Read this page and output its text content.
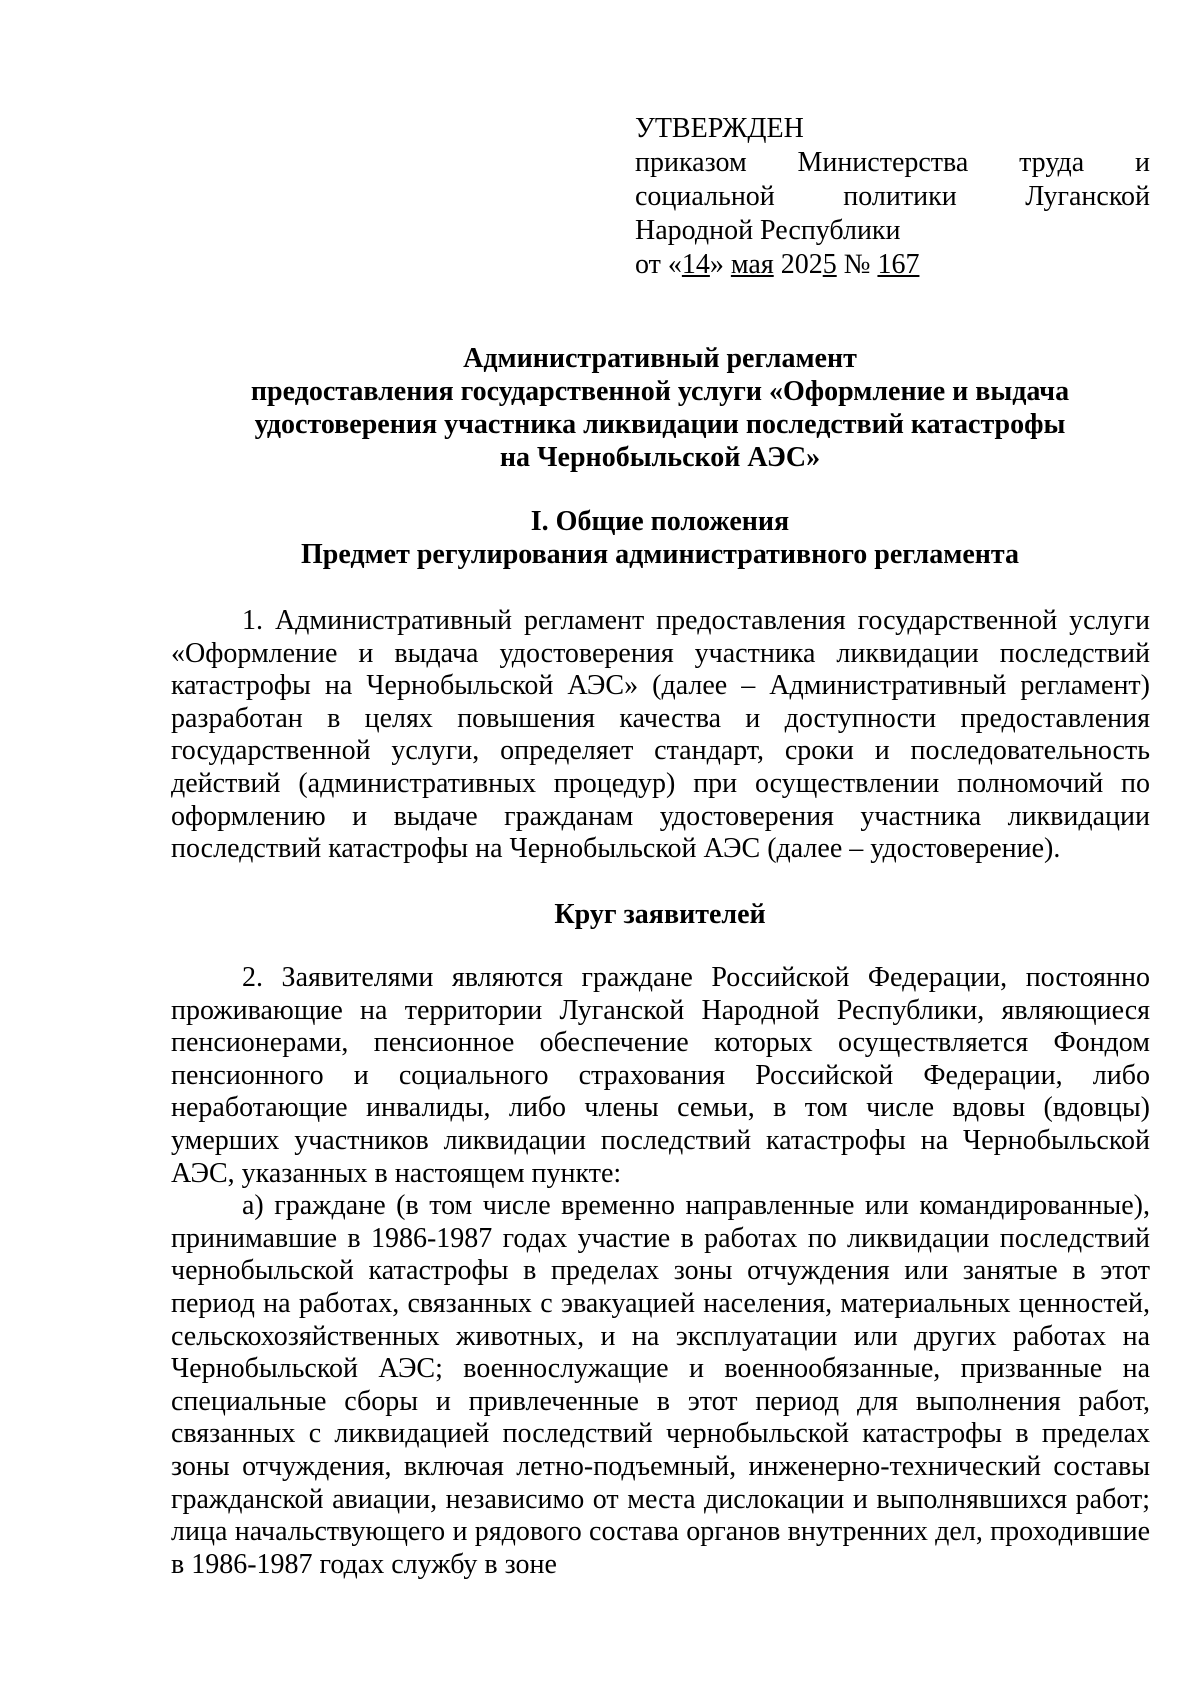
УТВЕРЖДЕН
приказом Министерства труда и
социальной политики Луганской
Народной Республики
от «14» мая 2025 № 167
Административный регламент
предоставления государственной услуги «Оформление и выдача
удостоверения участника ликвидации последствий катастрофы
на Чернобыльской АЭС»
I. Общие положения
Предмет регулирования административного регламента

1. Административный регламент предоставления государственной услуги «Оформление и выдача удостоверения участника ликвидации последствий катастрофы на Чернобыльской АЭС» (далее – Административный регламент) разработан в целях повышения качества и доступности предоставления государственной услуги, определяет стандарт, сроки и последовательность действий (административных процедур) при осуществлении полномочий по оформлению и выдаче гражданам удостоверения участника ликвидации последствий катастрофы на Чернобыльской АЭС (далее – удостоверение).

Круг заявителей

2. Заявителями являются граждане Российской Федерации, постоянно проживающие на территории Луганской Народной Республики, являющиеся пенсионерами, пенсионное обеспечение которых осуществляется Фондом пенсионного и социального страхования Российской Федерации, либо неработающие инвалиды, либо члены семьи, в том числе вдовы (вдовцы) умерших участников ликвидации последствий катастрофы на Чернобыльской АЭС, указанных в настоящем пункте:

а) граждане (в том числе временно направленные или командированные), принимавшие в 1986-1987 годах участие в работах по ликвидации последствий чернобыльской катастрофы в пределах зоны отчуждения или занятые в этот период на работах, связанных с эвакуацией населения, материальных ценностей, сельскохозяйственных животных, и на эксплуатации или других работах на Чернобыльской АЭС; военнослужащие и военнообязанные, призванные на специальные сборы и привлеченные в этот период для выполнения работ, связанных с ликвидацией последствий чернобыльской катастрофы в пределах зоны отчуждения, включая летно-подъемный, инженерно-технический составы гражданской авиации, независимо от места дислокации и выполнявшихся работ; лица начальствующего и рядового состава органов внутренних дел, проходившие в 1986-1987 годах службу в зоне
